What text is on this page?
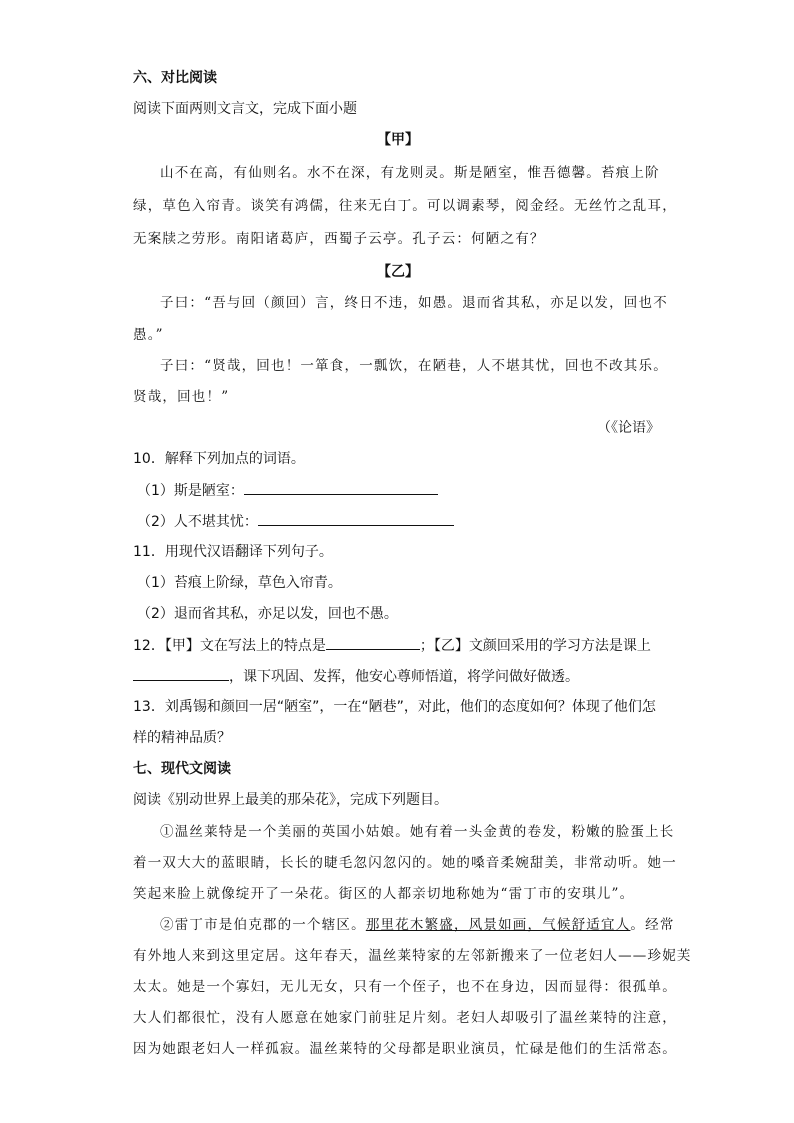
六、对比阅读
阅读下面两则文言文，完成下面小题
【甲】
山不在高，有仙则名。水不在深，有龙则灵。斯是陋室，惟吾德馨。苔痕上阶
绿，草色入帘青。谈笑有鸿儒，往来无白丁。可以调素琴，阅金经。无丝竹之乱耳，
无案牍之劳形。南阳诸葛庐，西蜀子云亭。孔子云：何陋之有？
【乙】
子曰：“吾与回（颜回）言，终日不违，如愚。退而省其私，亦足以发，回也不
愚。”
子曰：“贤哉，回也！一箪食，一瓢饮，在陋巷，人不堪其忧，回也不改其乐。
贤哉，回也！”
（《论语》
10．解释下列加点的词语。
（1）斯是陋室：
（2）人不堪其忧：
11．用现代汉语翻译下列句子。
（1）苔痕上阶绿，草色入帘青。
（2）退而省其私，亦足以发，回也不愚。
12．【甲】文在写法上的特点是	；【乙】文颜回采用的学习方法是课上
，课下巩固、发挥，他安心尊师悟道，将学问做好做透。
13．刘禹锡和颜回一居“陋室”，一在“陋巷”，对此，他们的态度如何？体现了他们怎
样的精神品质？
七、现代文阅读
阅读《别动世界上最美的那朵花》，完成下列题目。
①温丝莱特是一个美丽的英国小姑娘。她有着一头金黄的卷发，粉嫩的脸蛋上长
着一双大大的蓝眼睛，长长的睫毛忽闪忽闪的。她的嗓音柔婉甜美，非常动听。她一
笑起来脸上就像绽开了一朵花。街区的人都亲切地称她为“雷丁市的安琪儿”。
②雷丁市是伯克郡的一个辖区。那里花木繁盛，风景如画，气候舒适宜人。经常
有外地人来到这里定居。这年春天，温丝莱特家的左邻新搬来了一位老妇人——珍妮芙
太太。她是一个寡妇，无儿无女，只有一个侄子，也不在身边，因而显得：很孤单。
大人们都很忙，没有人愿意在她家门前驻足片刻。老妇人却吸引了温丝莱特的注意，
因为她跟老妇人一样孤寂。温丝莱特的父母都是职业演员，忙碌是他们的生活常态。
